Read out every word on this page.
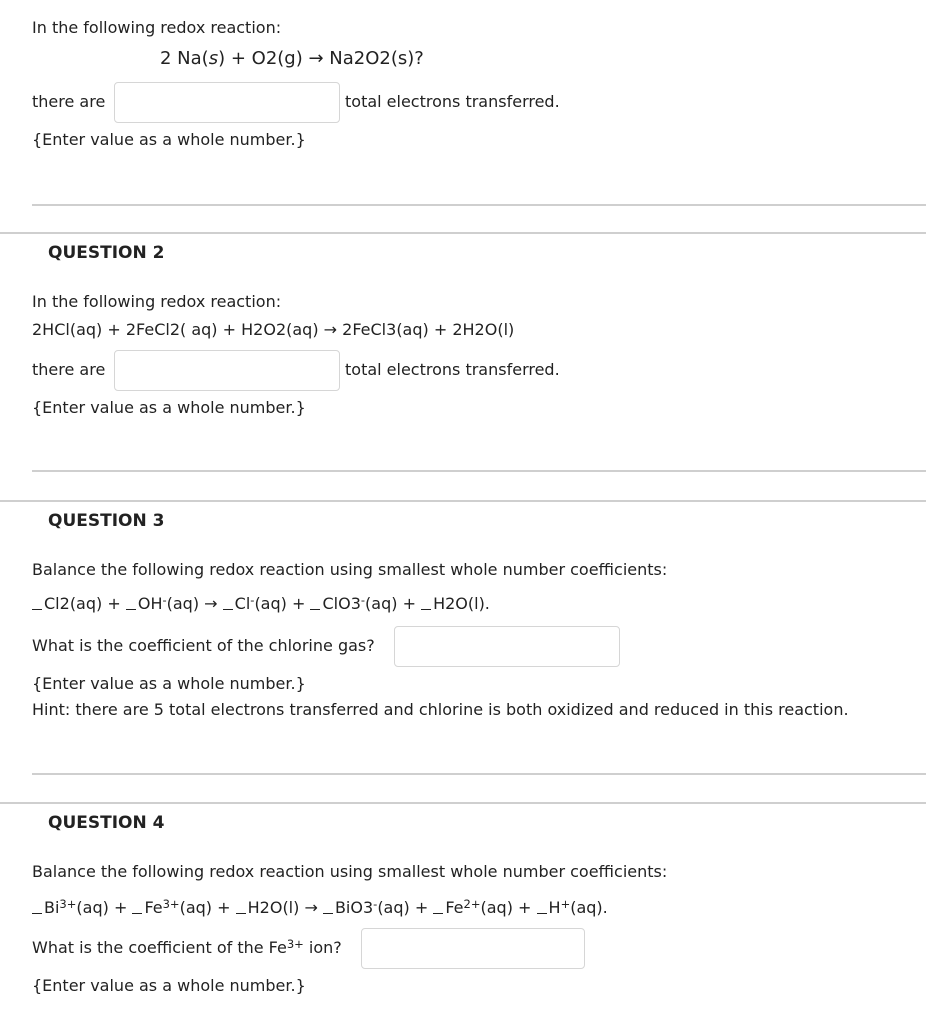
In the following redox reaction:
2 Na(s) + O2(g) → Na2O2(s)?
there are	total electrons transferred.
{Enter value as a whole number.}
QUESTION 2
In the following redox reaction:
2HCl(aq) + 2FeCl2( aq) + H2O2(aq) → 2FeCl3(aq) + 2H2O(l)
there are	total electrons transferred.
{Enter value as a whole number.}
QUESTION 3
Balance the following redox reaction using smallest whole number coefficients:
Cl2(aq) + OH-(aq) → Cl-(aq) + ClO3-(aq) + H2O(l).
What is the coefficient of the chlorine gas?
{Enter value as a whole number.}
Hint: there are 5 total electrons transferred and chlorine is both oxidized and reduced in this reaction.
QUESTION 4
Balance the following redox reaction using smallest whole number coefficients:
$Bi^{3+}(aq) + Fe^{3+}(aq) + H2O(l) \to BiO3^-(aq) + Fe^{2+}(aq) + H^+(aq)$.
What is the coefficient of the $Fe^{3+}$ ion?
{Enter value as a whole number.}
